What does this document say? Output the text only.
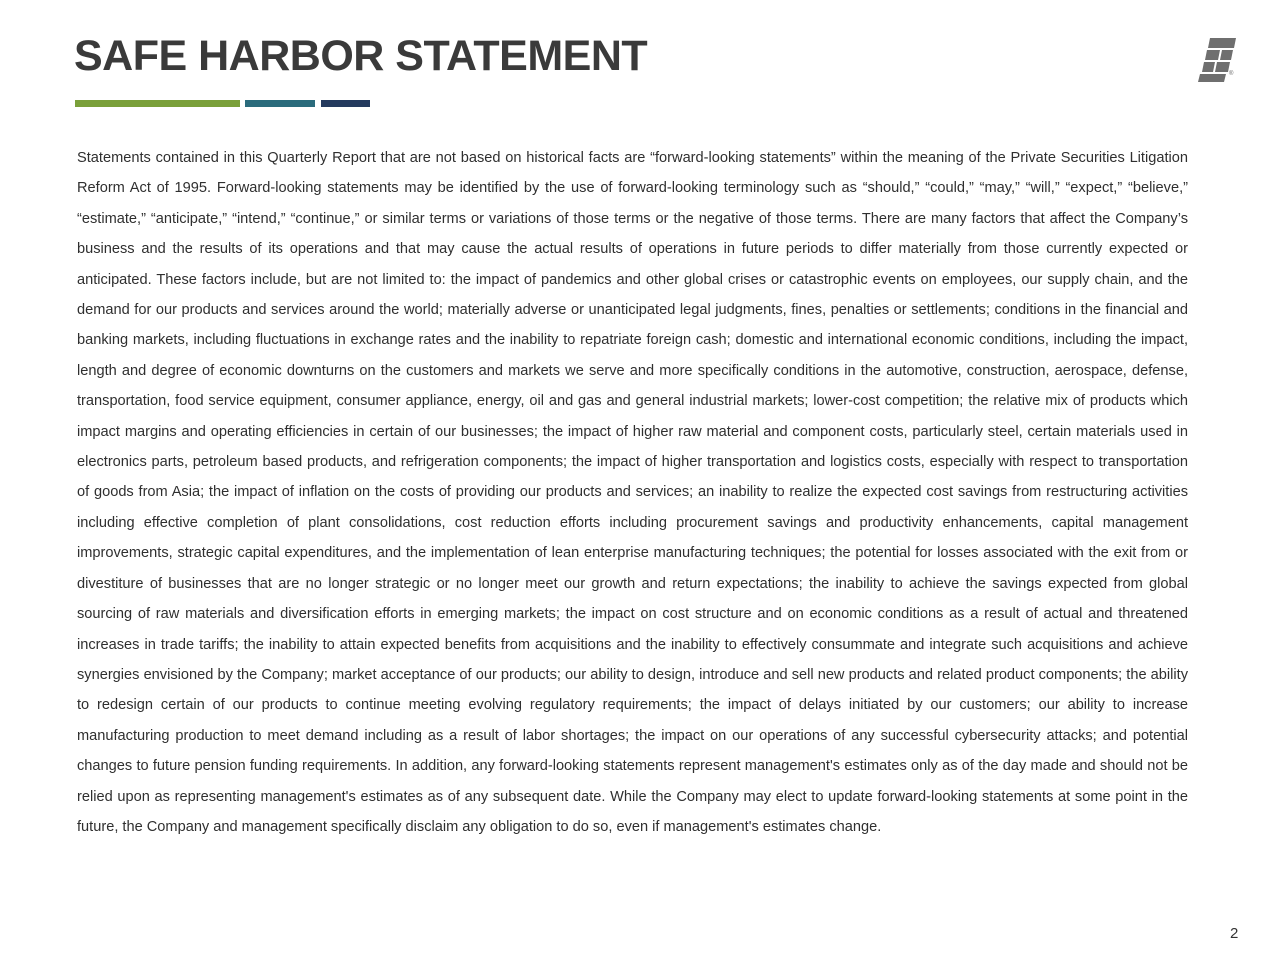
SAFE HARBOR STATEMENT	®

Statements contained in this Quarterly Report that are not based on historical facts are “forward-looking statements” within the meaning of the Private Securities Litigation Reform Act of 1995. Forward-looking statements may be identified by the use of forward-looking terminology such as “should,” “could,” “may,” “will,” “expect,” “believe,” “estimate,” “anticipate,” “intend,” “continue,” or similar terms or variations of those terms or the negative of those terms. There are many factors that affect the Company’s business and the results of its operations and that may cause the actual results of operations in future periods to differ materially from those currently expected or anticipated. These factors include, but are not limited to: the impact of pandemics and other global crises or catastrophic events on employees, our supply chain, and the demand for our products and services around the world; materially adverse or unanticipated legal judgments, fines, penalties or settlements; conditions in the financial and banking markets, including fluctuations in exchange rates and the inability to repatriate foreign cash; domestic and international economic conditions, including the impact, length and degree of economic downturns on the customers and markets we serve and more specifically conditions in the automotive, construction, aerospace, defense, transportation, food service equipment, consumer appliance, energy, oil and gas and general industrial markets; lower-cost competition; the relative mix of products which impact margins and operating efficiencies in certain of our businesses; the impact of higher raw material and component costs, particularly steel, certain materials used in electronics parts, petroleum based products, and refrigeration components; the impact of higher transportation and logistics costs, especially with respect to transportation of goods from Asia; the impact of inflation on the costs of providing our products and services; an inability to realize the expected cost savings from restructuring activities including effective completion of plant consolidations, cost reduction efforts including procurement savings and productivity enhancements, capital management improvements, strategic capital expenditures, and the implementation of lean enterprise manufacturing techniques; the potential for losses associated with the exit from or divestiture of businesses that are no longer strategic or no longer meet our growth and return expectations; the inability to achieve the savings expected from global sourcing of raw materials and diversification efforts in emerging markets; the impact on cost structure and on economic conditions as a result of actual and threatened increases in trade tariffs; the inability to attain expected benefits from acquisitions and the inability to effectively consummate and integrate such acquisitions and achieve synergies envisioned by the Company; market acceptance of our products; our ability to design, introduce and sell new products and related product components; the ability to redesign certain of our products to continue meeting evolving regulatory requirements; the impact of delays initiated by our customers; our ability to increase manufacturing production to meet demand including as a result of labor shortages; the impact on our operations of any successful cybersecurity attacks; and potential changes to future pension funding requirements. In addition, any forward-looking statements represent management's estimates only as of the day made and should not be relied upon as representing management's estimates as of any subsequent date. While the Company may elect to update forward-looking statements at some point in the future, the Company and management specifically disclaim any obligation to do so, even if management's estimates change.

2
